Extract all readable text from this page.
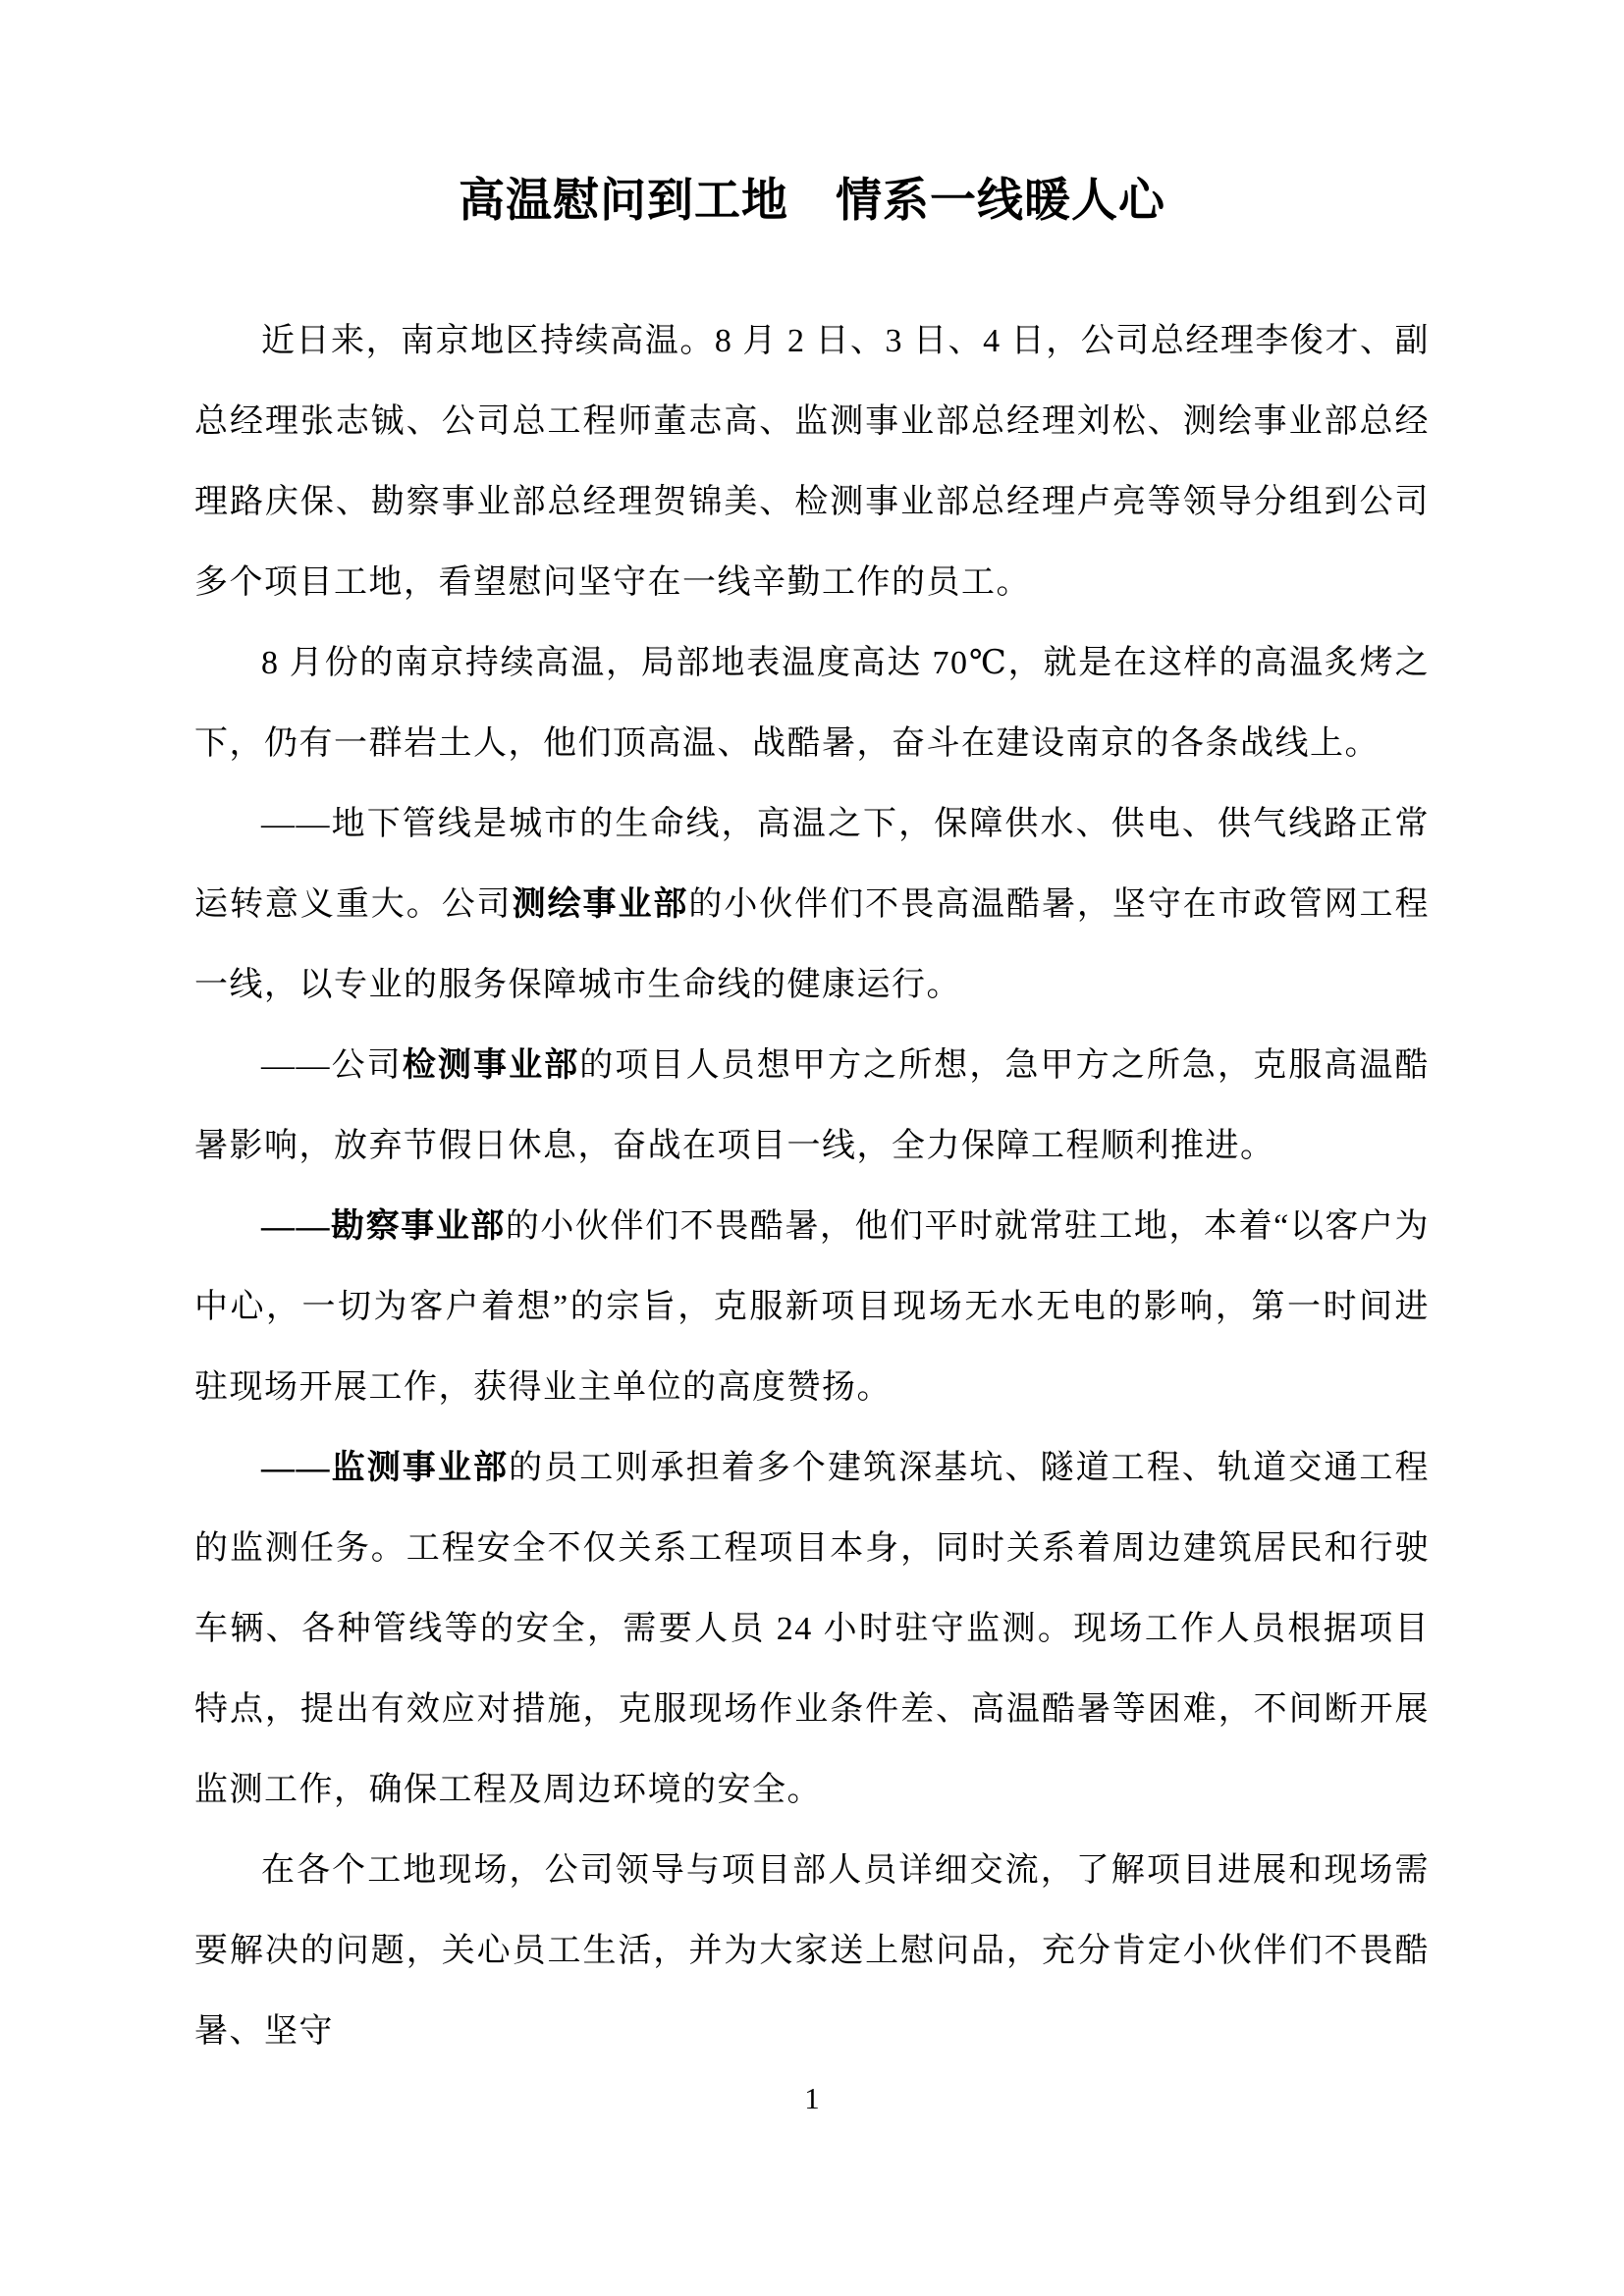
高温慰问到工地　情系一线暖人心

近日来，南京地区持续高温。8 月 2 日、3 日、4 日，公司总经理李俊才、副总经理张志铖、公司总工程师董志高、监测事业部总经理刘松、测绘事业部总经理路庆保、勘察事业部总经理贺锦美、检测事业部总经理卢亮等领导分组到公司多个项目工地，看望慰问坚守在一线辛勤工作的员工。

8 月份的南京持续高温，局部地表温度高达 70℃，就是在这样的高温炙烤之下，仍有一群岩土人，他们顶高温、战酷暑，奋斗在建设南京的各条战线上。

——地下管线是城市的生命线，高温之下，保障供水、供电、供气线路正常运转意义重大。公司测绘事业部的小伙伴们不畏高温酷暑，坚守在市政管网工程一线，以专业的服务保障城市生命线的健康运行。

——公司检测事业部的项目人员想甲方之所想，急甲方之所急，克服高温酷暑影响，放弃节假日休息，奋战在项目一线，全力保障工程顺利推进。

——勘察事业部的小伙伴们不畏酷暑，他们平时就常驻工地，本着“以客户为中心，一切为客户着想”的宗旨，克服新项目现场无水无电的影响，第一时间进驻现场开展工作，获得业主单位的高度赞扬。

——监测事业部的员工则承担着多个建筑深基坑、隧道工程、轨道交通工程的监测任务。工程安全不仅关系工程项目本身，同时关系着周边建筑居民和行驶车辆、各种管线等的安全，需要人员 24 小时驻守监测。现场工作人员根据项目特点，提出有效应对措施，克服现场作业条件差、高温酷暑等困难，不间断开展监测工作，确保工程及周边环境的安全。

在各个工地现场，公司领导与项目部人员详细交流，了解项目进展和现场需要解决的问题，关心员工生活，并为大家送上慰问品，充分肯定小伙伴们不畏酷暑、坚守

1
